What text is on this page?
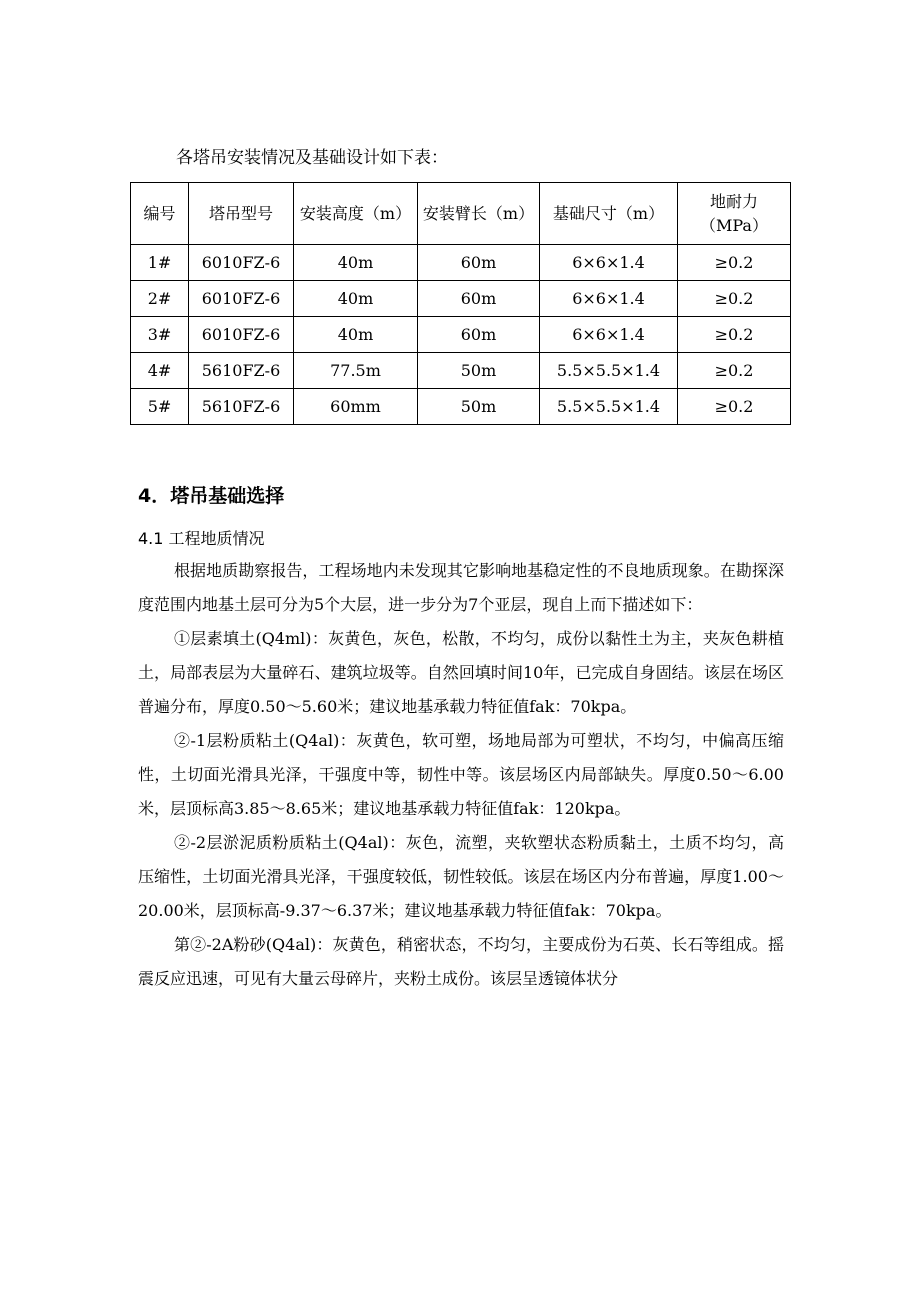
各塔吊安装情况及基础设计如下表：
编号	塔吊型号	安装高度（m）	安装臂长（m）	基础尺寸（m）	地耐力
（MPa）
1#	6010FZ-6	40m	60m	6×6×1.4	≥0.2
2#	6010FZ-6	40m	60m	6×6×1.4	≥0.2
3#	6010FZ-6	40m	60m	6×6×1.4	≥0.2
4#	5610FZ-6	77.5m	50m	5.5×5.5×1.4	≥0.2
5#	5610FZ-6	60mm	50m	5.5×5.5×1.4	≥0.2
4．塔吊基础选择
4.1 工程地质情况

根据地质勘察报告，工程场地内未发现其它影响地基稳定性的不良地质现象。在勘探深度范围内地基土层可分为5个大层，进一步分为7个亚层，现自上而下描述如下：

①层素填土(Q4ml)：灰黄色，灰色，松散，不均匀，成份以黏性土为主，夹灰色耕植土，局部表层为大量碎石、建筑垃圾等。自然回填时间10年，已完成自身固结。该层在场区普遍分布，厚度0.50～5.60米；建议地基承载力特征值fak：70kpa。

②-1层粉质粘土(Q4al)：灰黄色，软可塑，场地局部为可塑状，不均匀，中偏高压缩性，土切面光滑具光泽，干强度中等，韧性中等。该层场区内局部缺失。厚度0.50～6.00米，层顶标高3.85～8.65米；建议地基承载力特征值fak：120kpa。

②-2层淤泥质粉质粘土(Q4al)：灰色，流塑，夹软塑状态粉质黏土，土质不均匀，高压缩性，土切面光滑具光泽，干强度较低，韧性较低。该层在场区内分布普遍，厚度1.00～20.00米，层顶标高-9.37～6.37米；建议地基承载力特征值fak：70kpa。

第②-2A粉砂(Q4al)：灰黄色，稍密状态，不均匀，主要成份为石英、长石等组成。摇震反应迅速，可见有大量云母碎片，夹粉土成份。该层呈透镜体状分
